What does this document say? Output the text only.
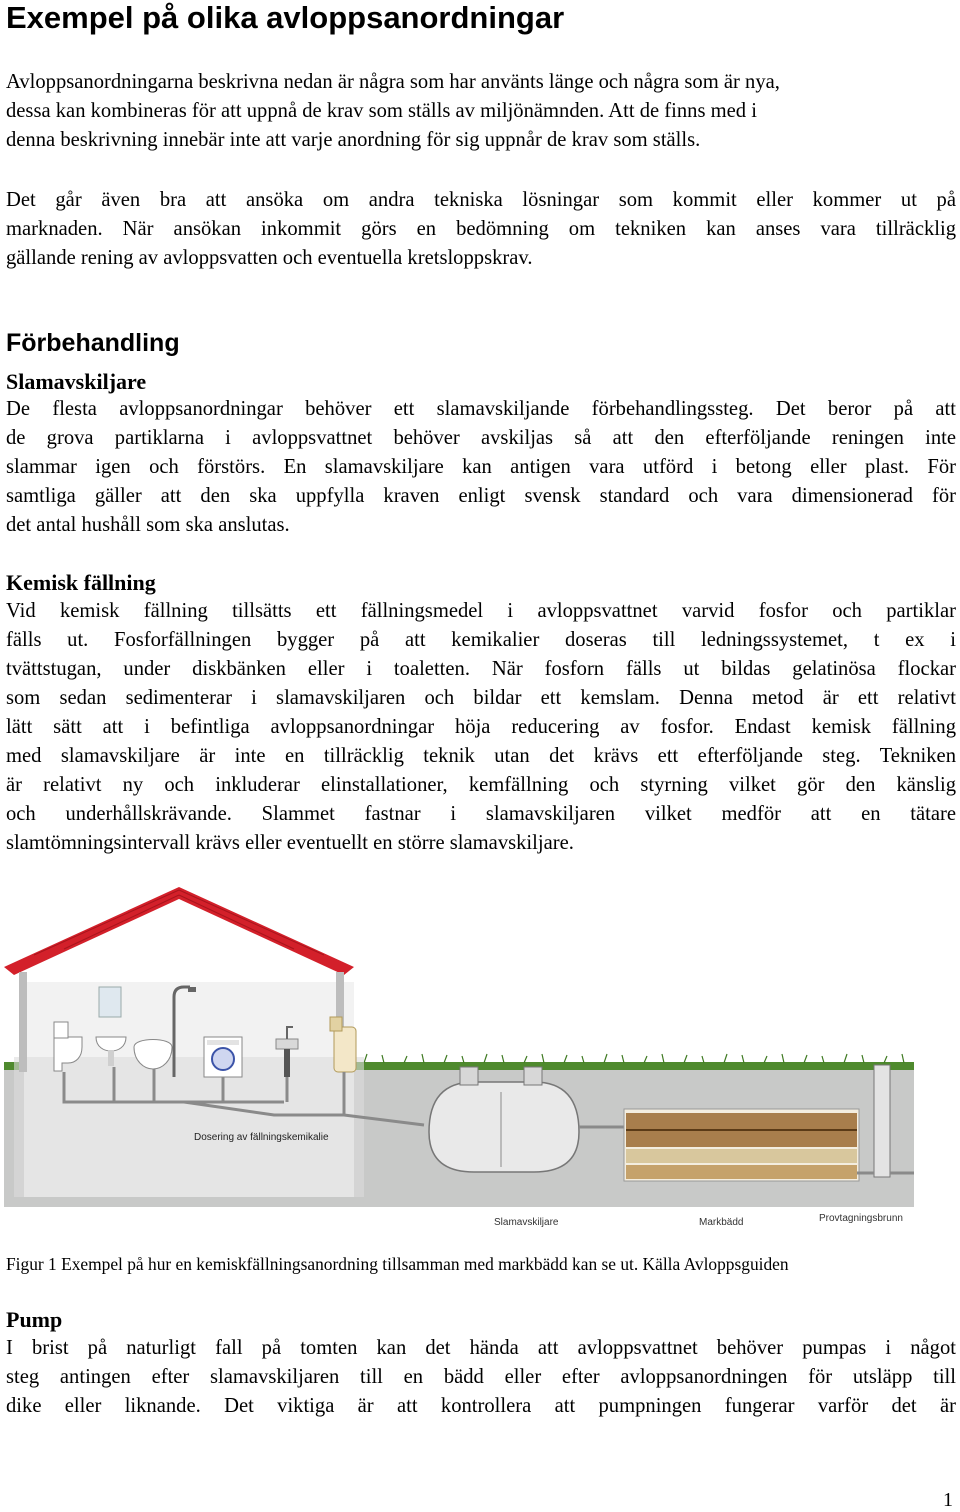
Exempel på olika avloppsanordningar
Avloppsanordningarna beskrivna nedan är några som har använts länge och några som är nya,
dessa kan kombineras för att uppnå de krav som ställs av miljönämnden. Att de finns med i
denna beskrivning innebär inte att varje anordning för sig uppnår de krav som ställs.
Det går även bra att ansöka om andra tekniska lösningar som kommit eller kommer ut på
marknaden. När ansökan inkommit görs en bedömning om tekniken kan anses vara tillräcklig
gällande rening av avloppsvatten och eventuella kretsloppskrav.
Förbehandling
Slamavskiljare
De flesta avloppsanordningar behöver ett slamavskiljande förbehandlingssteg. Det beror på att
de grova partiklarna i avloppsvattnet behöver avskiljas så att den efterföljande reningen inte
slammar igen och förstörs. En slamavskiljare kan antigen vara utförd i betong eller plast. För
samtliga gäller att den ska uppfylla kraven enligt svensk standard och vara dimensionerad för
det antal hushåll som ska anslutas.
Kemisk fällning
Vid kemisk fällning tillsätts ett fällningsmedel i avloppsvattnet varvid fosfor och partiklar
fälls ut. Fosforfällningen bygger på att kemikalier doseras till ledningssystemet, t ex i
tvättstugan, under diskbänken eller i toaletten. När fosforn fälls ut bildas gelatinösa flockar
som sedan sedimenterar i slamavskiljaren och bildar ett kemslam. Denna metod är ett relativt
lätt sätt att i befintliga avloppsanordningar höja reducering av fosfor. Endast kemisk fällning
med slamavskiljare är inte en tillräcklig teknik utan det krävs ett efterföljande steg. Tekniken
är relativt ny och inkluderar elinstallationer, kemfällning och styrning vilket gör den känslig
och underhållskrävande. Slammet fastnar i slamavskiljaren vilket medför att en tätare
slamtömningsintervall krävs eller eventuellt en större slamavskiljare.
Dosering av fällningskemikalie
Slamavskiljare	Markbädd	Provtagningsbrunn
Figur 1 Exempel på hur en kemiskfällningsanordning tillsamman med markbädd kan se ut. Källa Avloppsguiden
Pump
I brist på naturligt fall på tomten kan det hända att avloppsvattnet behöver pumpas i något
steg antingen efter slamavskiljaren till en bädd eller efter avloppsanordningen för utsläpp till
dike eller liknande. Det viktiga är att kontrollera att pumpningen fungerar varför det är
1
